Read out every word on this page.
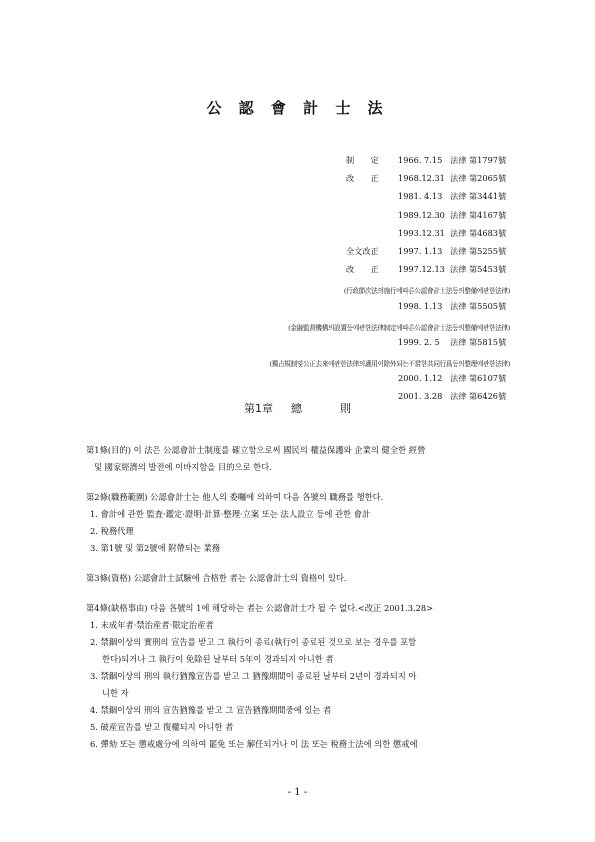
公 認 會 計 士 法
制　　定	1966. 7.15 法律 第1797號
改　　正	1968.12.31 法律 第2065號
1981. 4.13 法律 第3441號
1989.12.30 法律 第4167號
1993.12.31 法律 第4683號
全文改正	1997. 1.13 法律 第5255號
改　　正	1997.12.13 法律 第5453號
(行政節次法의施行에따른公認會計士法등의整備에관한法律)
1998. 1.13 法律 第5505號
(金融監督機構의設置등에관한法律制定에따른公認會計士法등의整備에관한法律)
1999. 2. 5	法律 第5815號
(獨占規制및公正去來에관한法律의適用이除外되는不當한共同行爲등의整理에관한法律)
2000. 1.12 法律 第6107號
2001. 3.28 法律 第6426號
第1章 總	則
第1條(目的) 이 法은 公認會計士制度를 確立함으로써 國民의 權益保護와 企業의 健全한 經營
및 國家經濟의 발전에 이바지함을 目的으로 한다.
第2條(職務範圍) 公認會計士는 他人의 委囑에 의하여 다음 各號의 職務를 행한다.
1. 會計에 관한 監査·鑑定·證明·計算·整理·立案 또는 法人設立 등에 관한 會計
2. 稅務代理
3. 第1號 및 第2號에 附帶되는 業務
第3條(資格) 公認會計士試驗에 合格한 者는 公認會計士의 資格이 있다.
第4條(缺格事由) 다음 各號의 1에 해당하는 者는 公認會計士가 될 수 없다.<改正 2001.3.28>
1. 未成年者·禁治産者·限定治産者
2. 禁錮이상의 實刑의 宣告를 받고 그 執行이 종료(執行이 종료된 것으로 보는 경우를 포함
한다)되거나 그 執行이 免除된 날부터 5年이 경과되지 아니한 者
3. 禁錮이상의 刑의 執行猶豫宣告를 받고 그 猶豫期間이 종료된 날부터 2년이 경과되지 아
니한 자
4. 禁錮이상의 刑의 宣告猶豫를 받고 그 宣告猶豫期間중에 있는 者
5. 破産宣告를 받고 復權되지 아니한 者
6. 彈劾 또는 懲戒處分에 의하여 罷免 또는 解任되거나 이 法 또는 稅務士法에 의한 懲戒에
- 1 -
